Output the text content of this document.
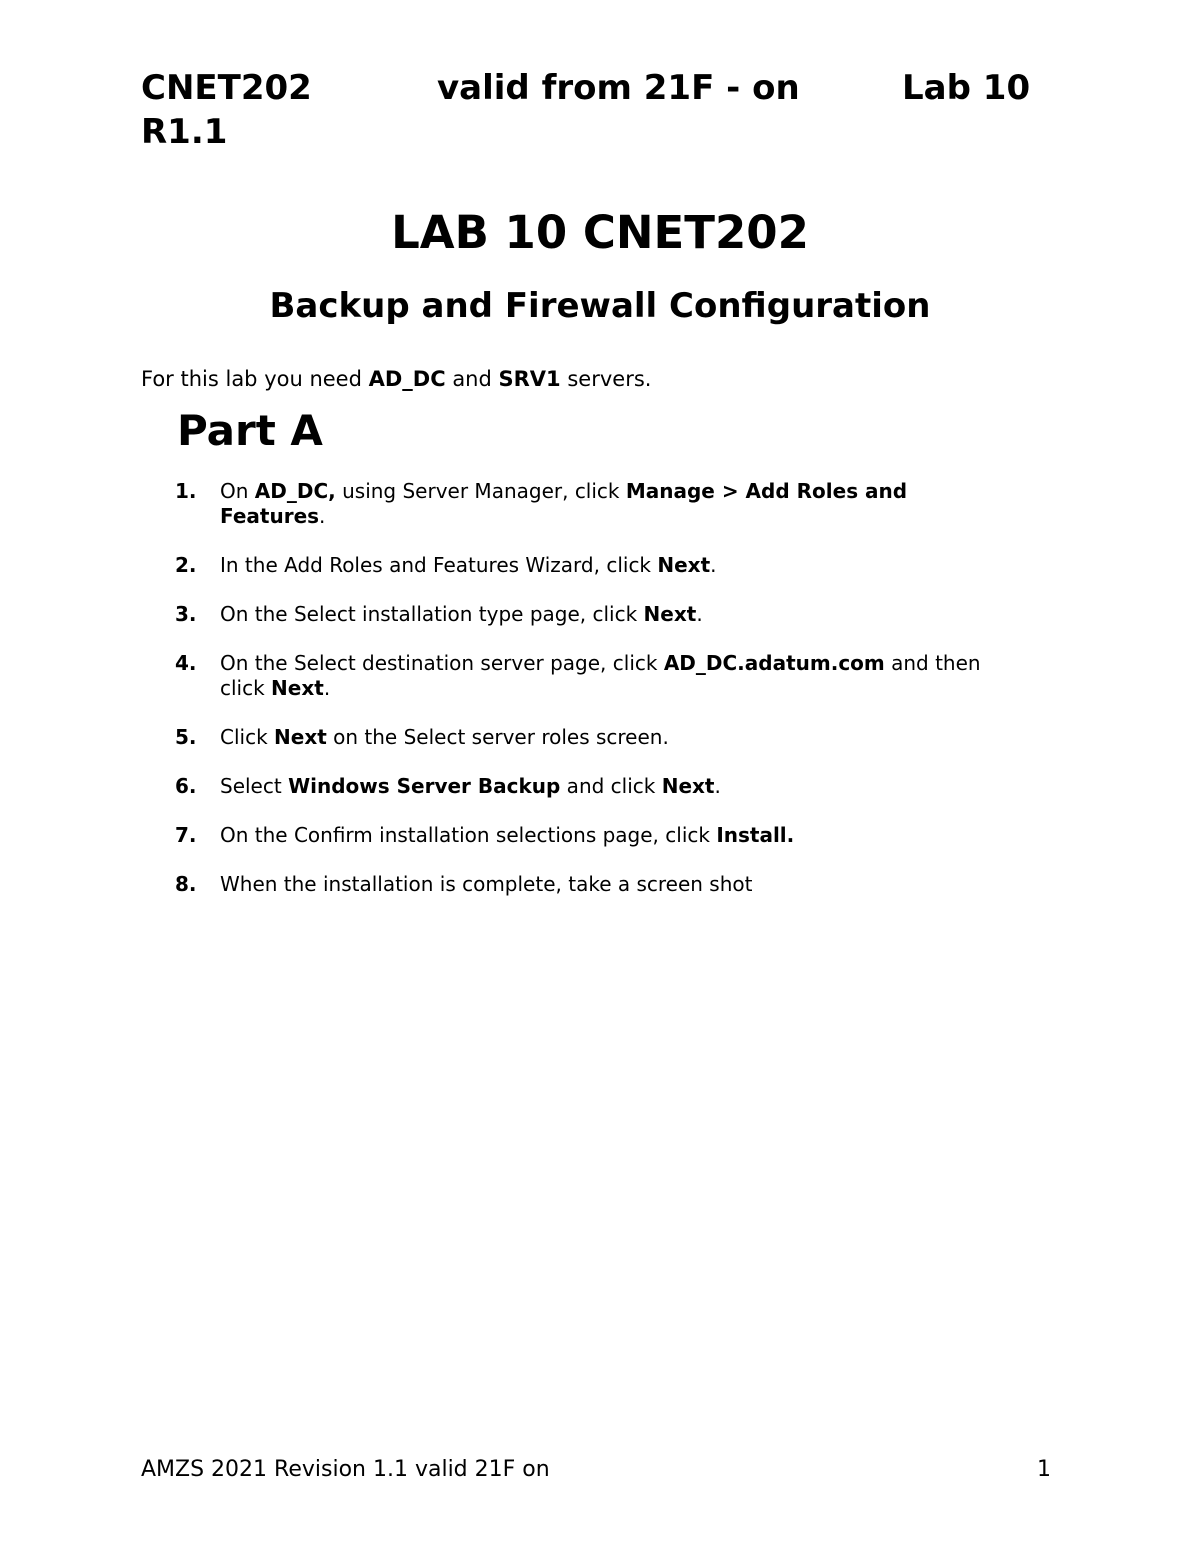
CNET202	valid from 21F - on	Lab 10
R1.1
LAB 10 CNET202
Backup and Firewall Configuration
For this lab you need AD_DC and SRV1 servers.
Part A
1. On AD_DC, using Server Manager, click Manage > Add Roles and Features.
2. In the Add Roles and Features Wizard, click Next.
3. On the Select installation type page, click Next.
4. On the Select destination server page, click AD_DC.adatum.com and then click Next.
5. Click Next on the Select server roles screen.
6. Select Windows Server Backup and click Next.
7. On the Confirm installation selections page, click Install.
8. When the installation is complete, take a screen shot
AMZS 2021 Revision 1.1 valid 21F on	1
